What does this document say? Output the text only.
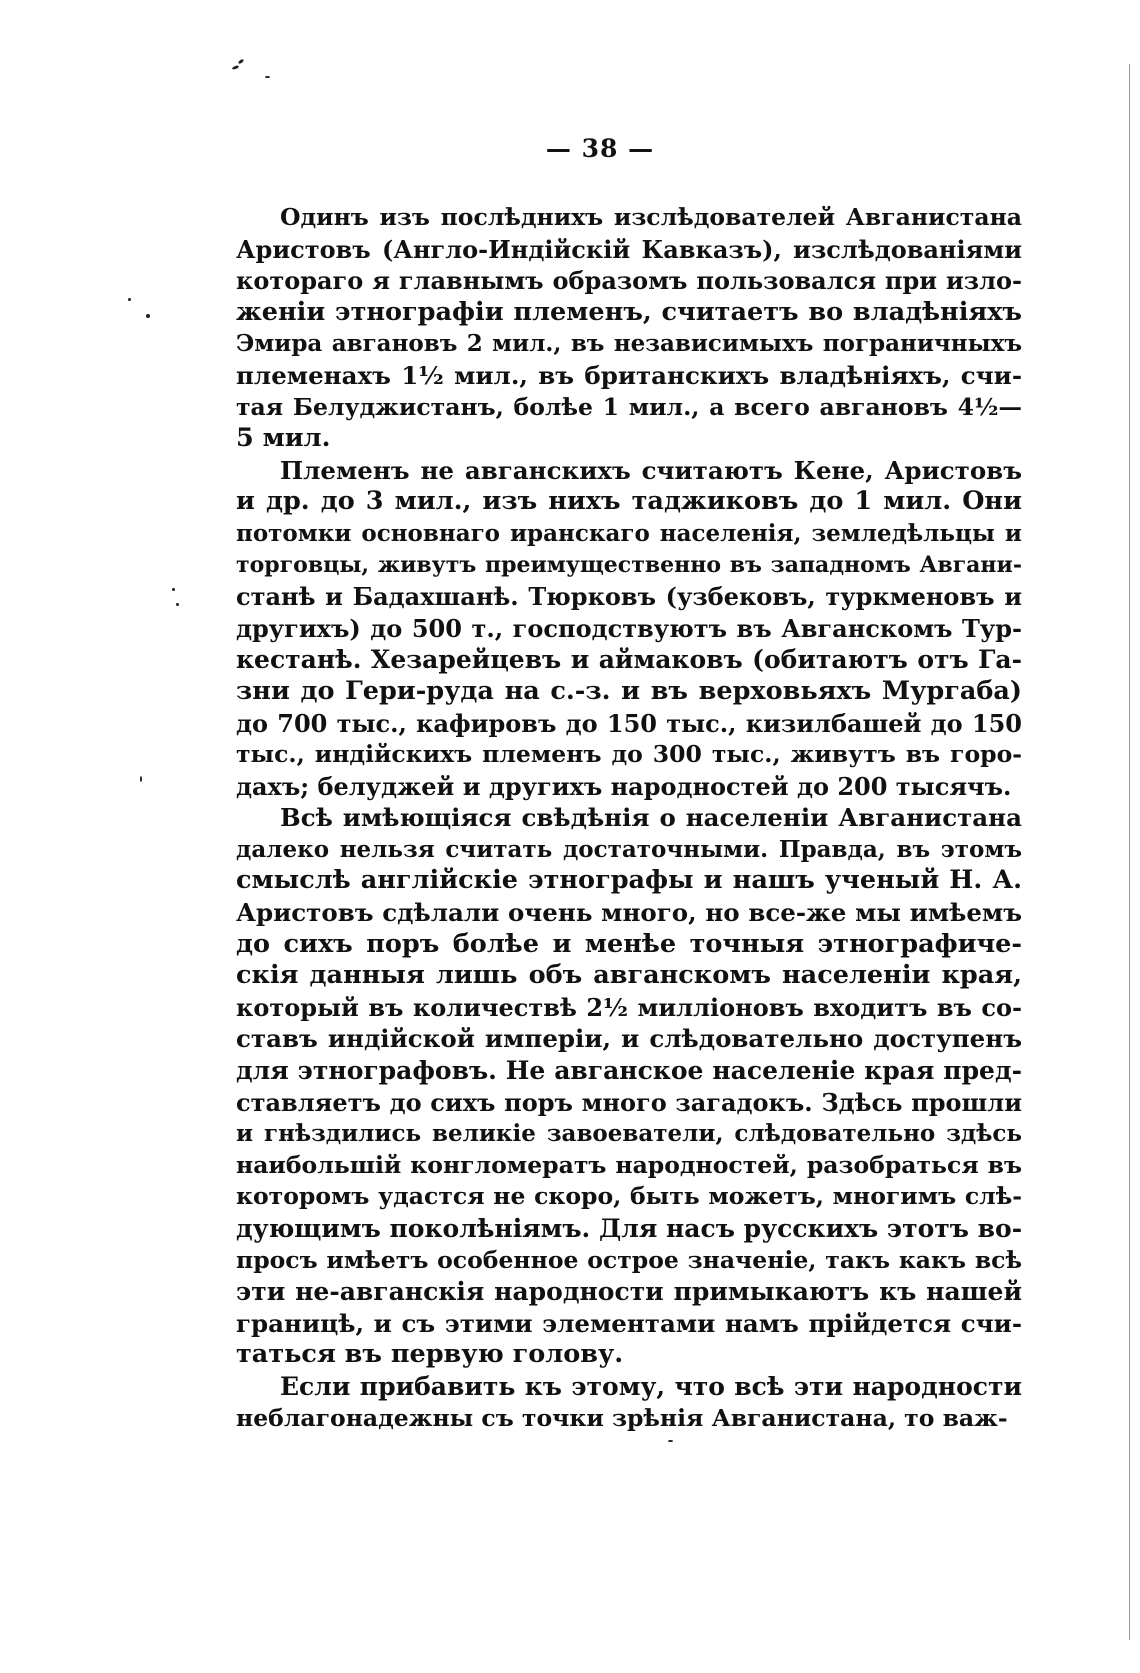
— 38 —
Одинъ изъ послѣднихъ изслѣдователей Авганистана
Аристовъ (Англо-Индійскій Кавказъ), изслѣдованіями
котораго я главнымъ образомъ пользовался при изло-
женіи этнографіи племенъ, считаетъ во владѣніяхъ
Эмира авгановъ 2 мил., въ независимыхъ пограничныхъ
племенахъ 1½ мил., въ британскихъ владѣніяхъ, счи-
тая Белуджистанъ, болѣе 1 мил., а всего авгановъ 4½—
5 мил.
Племенъ не авганскихъ считаютъ Кене, Аристовъ
и др. до 3 мил., изъ нихъ таджиковъ до 1 мил. Они
потомки основнаго иранскаго населенія, земледѣльцы и
торговцы, живутъ преимущественно въ западномъ Авгани-
станѣ и Бадахшанѣ. Тюрковъ (узбековъ, туркменовъ и
другихъ) до 500 т., господствуютъ въ Авганскомъ Тур-
кестанѣ. Хезарейцевъ и аймаковъ (обитаютъ отъ Га-
зни до Гери-руда на с.-з. и въ верховьяхъ Мургаба)
до 700 тыс., кафировъ до 150 тыс., кизилбашей до 150
тыс., индійскихъ племенъ до 300 тыс., живутъ въ горо-
дахъ; белуджей и другихъ народностей до 200 тысячъ.
Всѣ имѣющіяся свѣдѣнія о населеніи Авганистана
далеко нельзя считать достаточными. Правда, въ этомъ
смыслѣ англійскіе этнографы и нашъ ученый Н. А.
Аристовъ сдѣлали очень много, но все-же мы имѣемъ
до сихъ поръ болѣе и менѣе точныя этнографиче-
скія данныя лишь объ авганскомъ населеніи края,
который въ количествѣ 2½ милліоновъ входитъ въ со-
ставъ индійской имперіи, и слѣдовательно доступенъ
для этнографовъ. Не авганское населеніе края пред-
ставляетъ до сихъ поръ много загадокъ. Здѣсь прошли
и гнѣздились великіе завоеватели, слѣдовательно здѣсь
наибольшій конгломератъ народностей, разобраться въ
которомъ удастся не скоро, быть можетъ, многимъ слѣ-
дующимъ поколѣніямъ. Для насъ русскихъ этотъ во-
просъ имѣетъ особенное острое значеніе, такъ какъ всѣ
эти не-авганскія народности примыкаютъ къ нашей
границѣ, и съ этими элементами намъ прійдется счи-
таться въ первую голову.
Если прибавить къ этому, что всѣ эти народности
неблагонадежны съ точки зрѣнія Авганистана, то важ-
